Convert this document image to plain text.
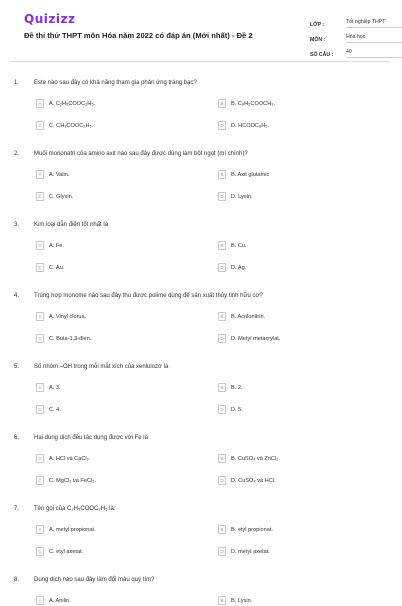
Quizizz
Đề thi thử THPT môn Hóa năm 2022 có đáp án (Mới nhất) - Đề 2
LỚP :	Tốt nghiệp THPT
MÔN :	Hóa học
SỐ CÂU :	40
1. Este nào sau đây có khả năng tham gia phản ứng tráng bạc?
A	A. C₂H₅COOC₂H₅.	B	B. C₆H₅COOCH₃.
C	C. CH₃COOC₂H₅.	D	D. HCOOC₆H₅.
2. Muối mononatri của amino axit nào sau đây được dùng làm bột ngọt (mì chính)?
A	A. Valin.	B	B. Axit glutamic
C	C. Glyxin.	D	D. Lysin.
3. Kim loại dẫn điện tốt nhất là
A	A. Fe.	B	B. Cu.
C	C. Au.	D	D. Ag.
4. Trùng hợp monome nào sau đây thu được polime dùng để sản xuất thủy tinh hữu cơ?
A	A. Vinyl clorua.	B	B. Acrilonitrin.
C	C. Buta-1,3-đien.	D	D. Metyl metacrylat.
5. Số nhóm –OH trong mỗi mắt xích của xenlulozơ là
A	A. 3.	B	B. 2.
C	C. 4.	D	D. 5.
6. Hai dung dịch đều tác dụng được với Fe là
A	A. HCl và CaCl₂.	B	B. CuSO₄ và ZnCl₂.
C	C. MgCl₂ và FeCl₃.	D	D. CuSO₄ và HCl.
7. Tên gọi của C₂H₅COOC₂H₅ là:
A	A. metyl propionat.	B	B. etyl propionat.
C	C. etyl axetat.	D	D. metyl axetat.
8. Dung dịch nào sau đây làm đổi màu quỳ tím?
A	A. Anilin.	B	B. Lysin.
